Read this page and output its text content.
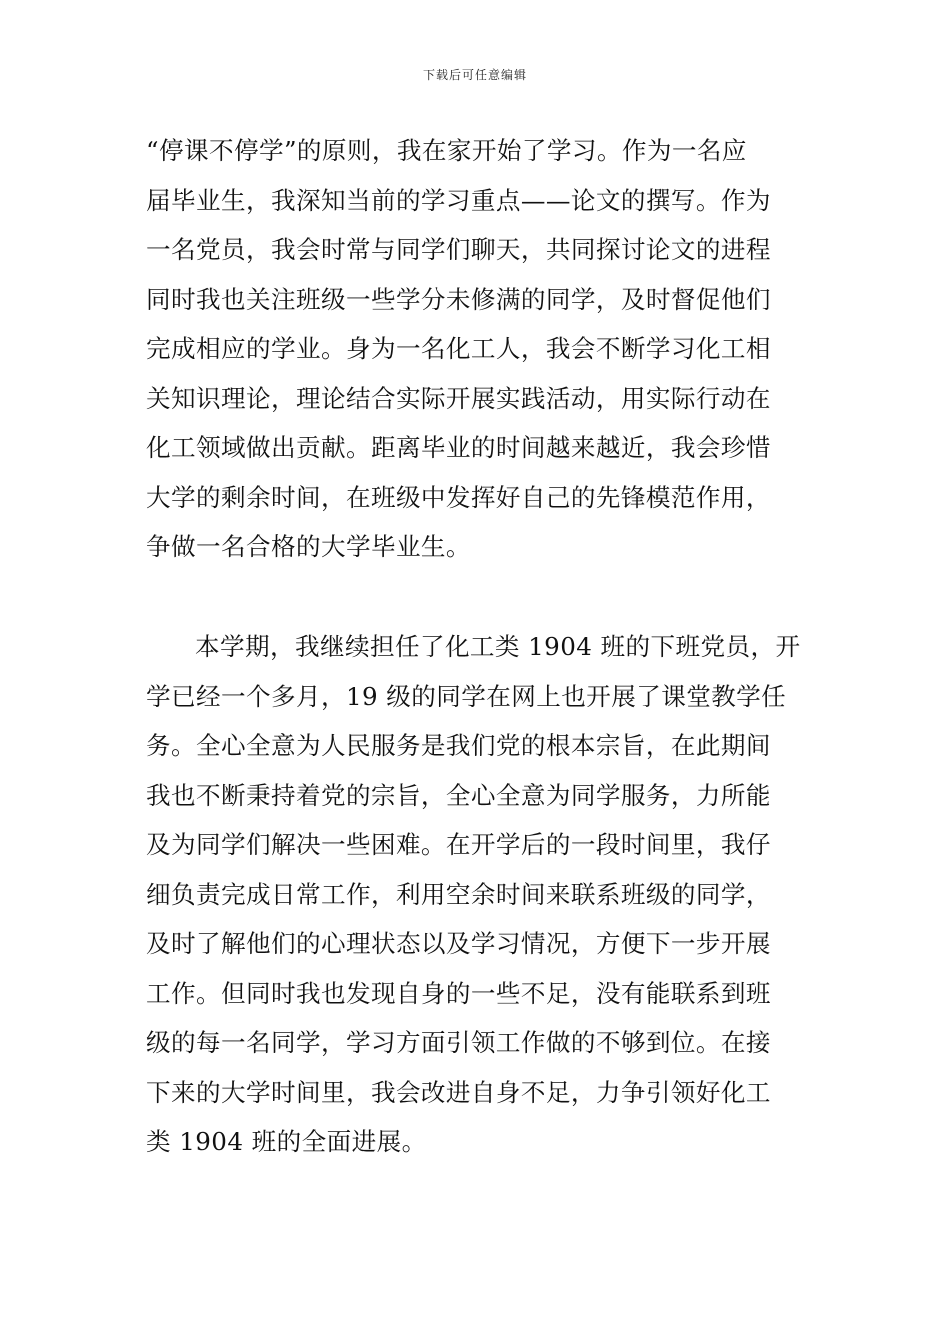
下载后可任意编辑
“停课不停学”的原则，我在家开始了学习。作为一名应
届毕业生，我深知当前的学习重点——论文的撰写。作为
一名党员，我会时常与同学们聊天，共同探讨论文的进程
同时我也关注班级一些学分未修满的同学，及时督促他们
完成相应的学业。身为一名化工人，我会不断学习化工相
关知识理论，理论结合实际开展实践活动，用实际行动在
化工领域做出贡献。距离毕业的时间越来越近，我会珍惜
大学的剩余时间，在班级中发挥好自己的先锋模范作用，
争做一名合格的大学毕业生。
本学期，我继续担任了化工类 1904 班的下班党员，开
学已经一个多月，19 级的同学在网上也开展了课堂教学任
务。全心全意为人民服务是我们党的根本宗旨，在此期间
我也不断秉持着党的宗旨，全心全意为同学服务，力所能
及为同学们解决一些困难。在开学后的一段时间里，我仔
细负责完成日常工作，利用空余时间来联系班级的同学，
及时了解他们的心理状态以及学习情况，方便下一步开展
工作。但同时我也发现自身的一些不足，没有能联系到班
级的每一名同学，学习方面引领工作做的不够到位。在接
下来的大学时间里，我会改进自身不足，力争引领好化工
类 1904 班的全面进展。
